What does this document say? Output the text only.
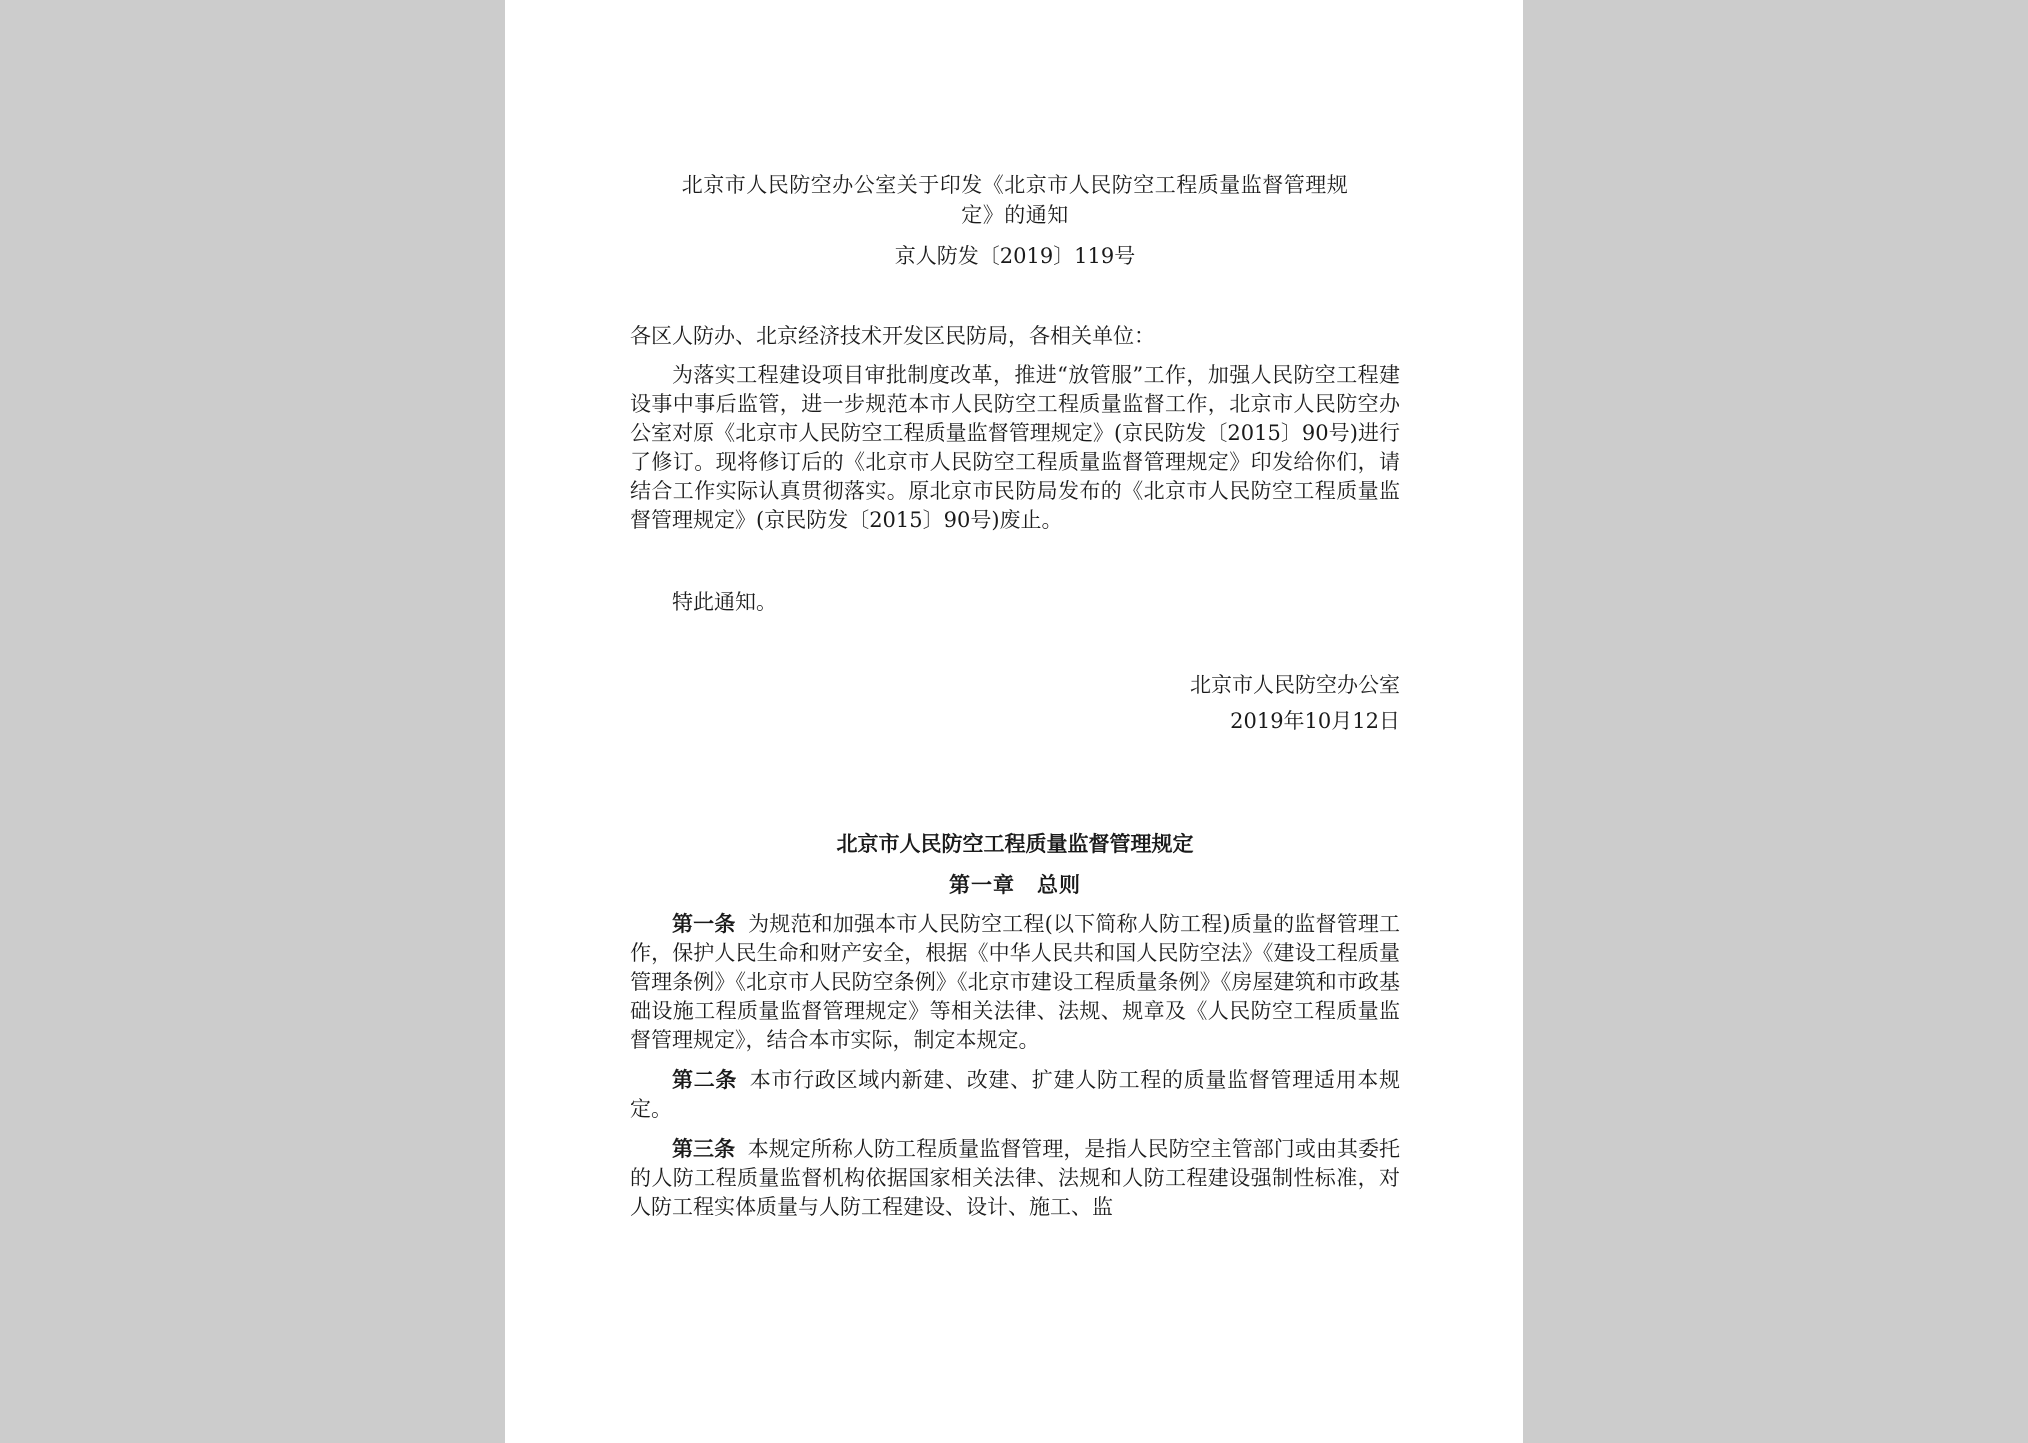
北京市人民防空办公室关于印发《北京市人民防空工程质量监督管理规
定》的通知
京人防发〔2019〕119号
各区人防办、北京经济技术开发区民防局，各相关单位：

为落实工程建设项目审批制度改革，推进“放管服”工作，加强人民防空工程建设事中事后监管，进一步规范本市人民防空工程质量监督工作，北京市人民防空办公室对原《北京市人民防空工程质量监督管理规定》(京民防发〔2015〕90号)进行了修订。现将修订后的《北京市人民防空工程质量监督管理规定》印发给你们，请结合工作实际认真贯彻落实。原北京市民防局发布的《北京市人民防空工程质量监督管理规定》(京民防发〔2015〕90号)废止。

特此通知。

北京市人民防空办公室
2019年10月12日
北京市人民防空工程质量监督管理规定
第一章　总则

第一条 为规范和加强本市人民防空工程(以下简称人防工程)质量的监督管理工作，保护人民生命和财产安全，根据《中华人民共和国人民防空法》《建设工程质量管理条例》《北京市人民防空条例》《北京市建设工程质量条例》《房屋建筑和市政基础设施工程质量监督管理规定》等相关法律、法规、规章及《人民防空工程质量监督管理规定》，结合本市实际，制定本规定。

第二条 本市行政区域内新建、改建、扩建人防工程的质量监督管理适用本规定。

第三条 本规定所称人防工程质量监督管理，是指人民防空主管部门或由其委托的人防工程质量监督机构依据国家相关法律、法规和人防工程建设强制性标准，对人防工程实体质量与人防工程建设、设计、施工、监
